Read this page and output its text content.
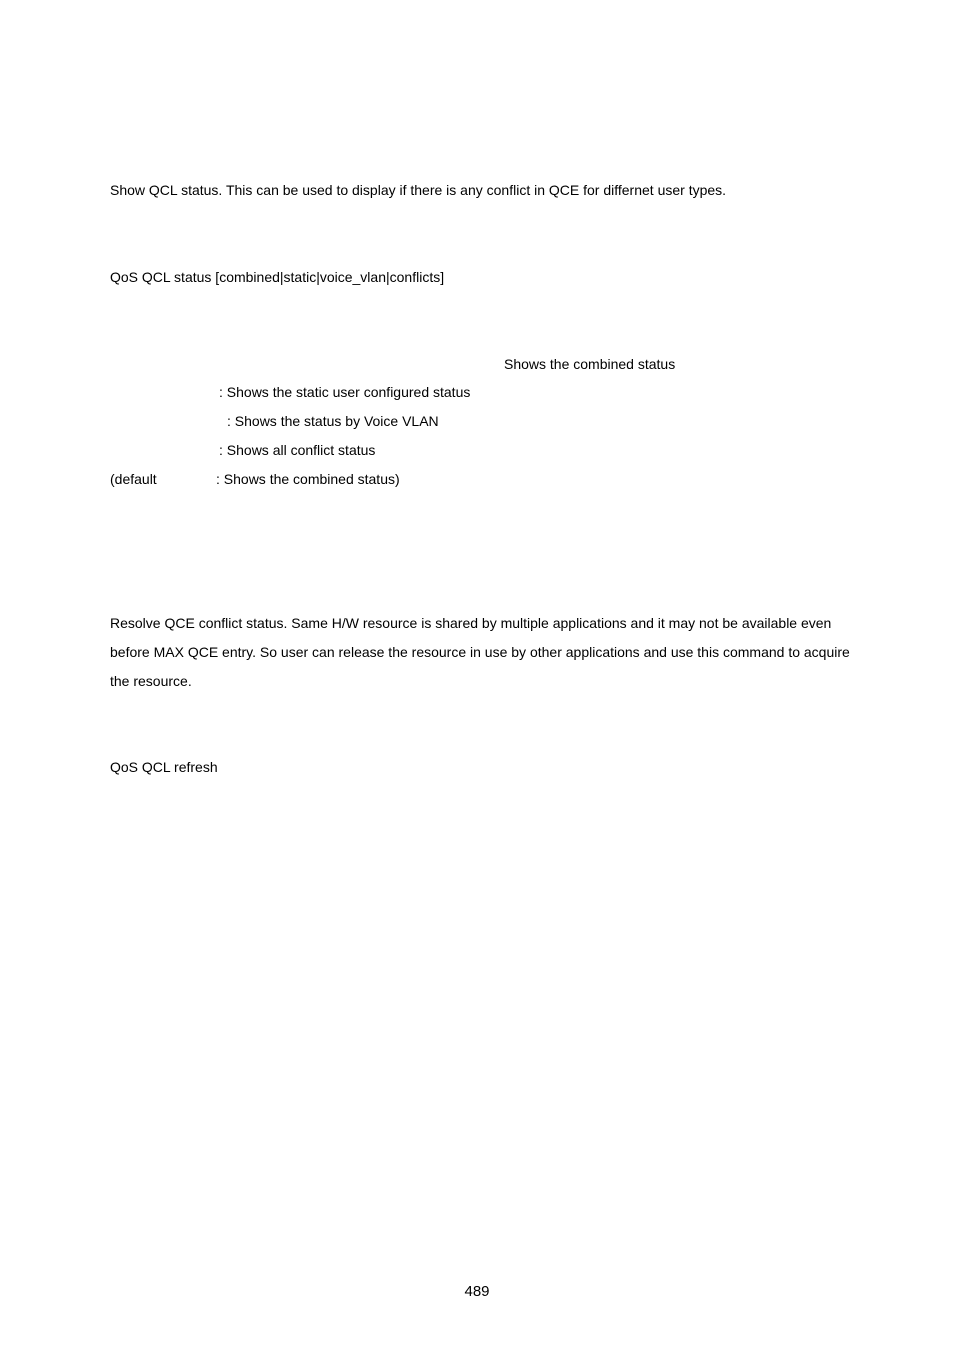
Show QCL status. This can be used to display if there is any conflict in QCE for differnet user types.
QoS QCL status [combined|static|voice_vlan|conflicts]
Shows the combined status
: Shows the static user configured status
: Shows the status by Voice VLAN
: Shows all conflict status
(default	: Shows the combined status)
Resolve QCE conflict status. Same H/W resource is shared by multiple applications and it may not be available even
before MAX QCE entry. So user can release the resource in use by other applications and use this command to acquire
the resource.
QoS QCL refresh
489
